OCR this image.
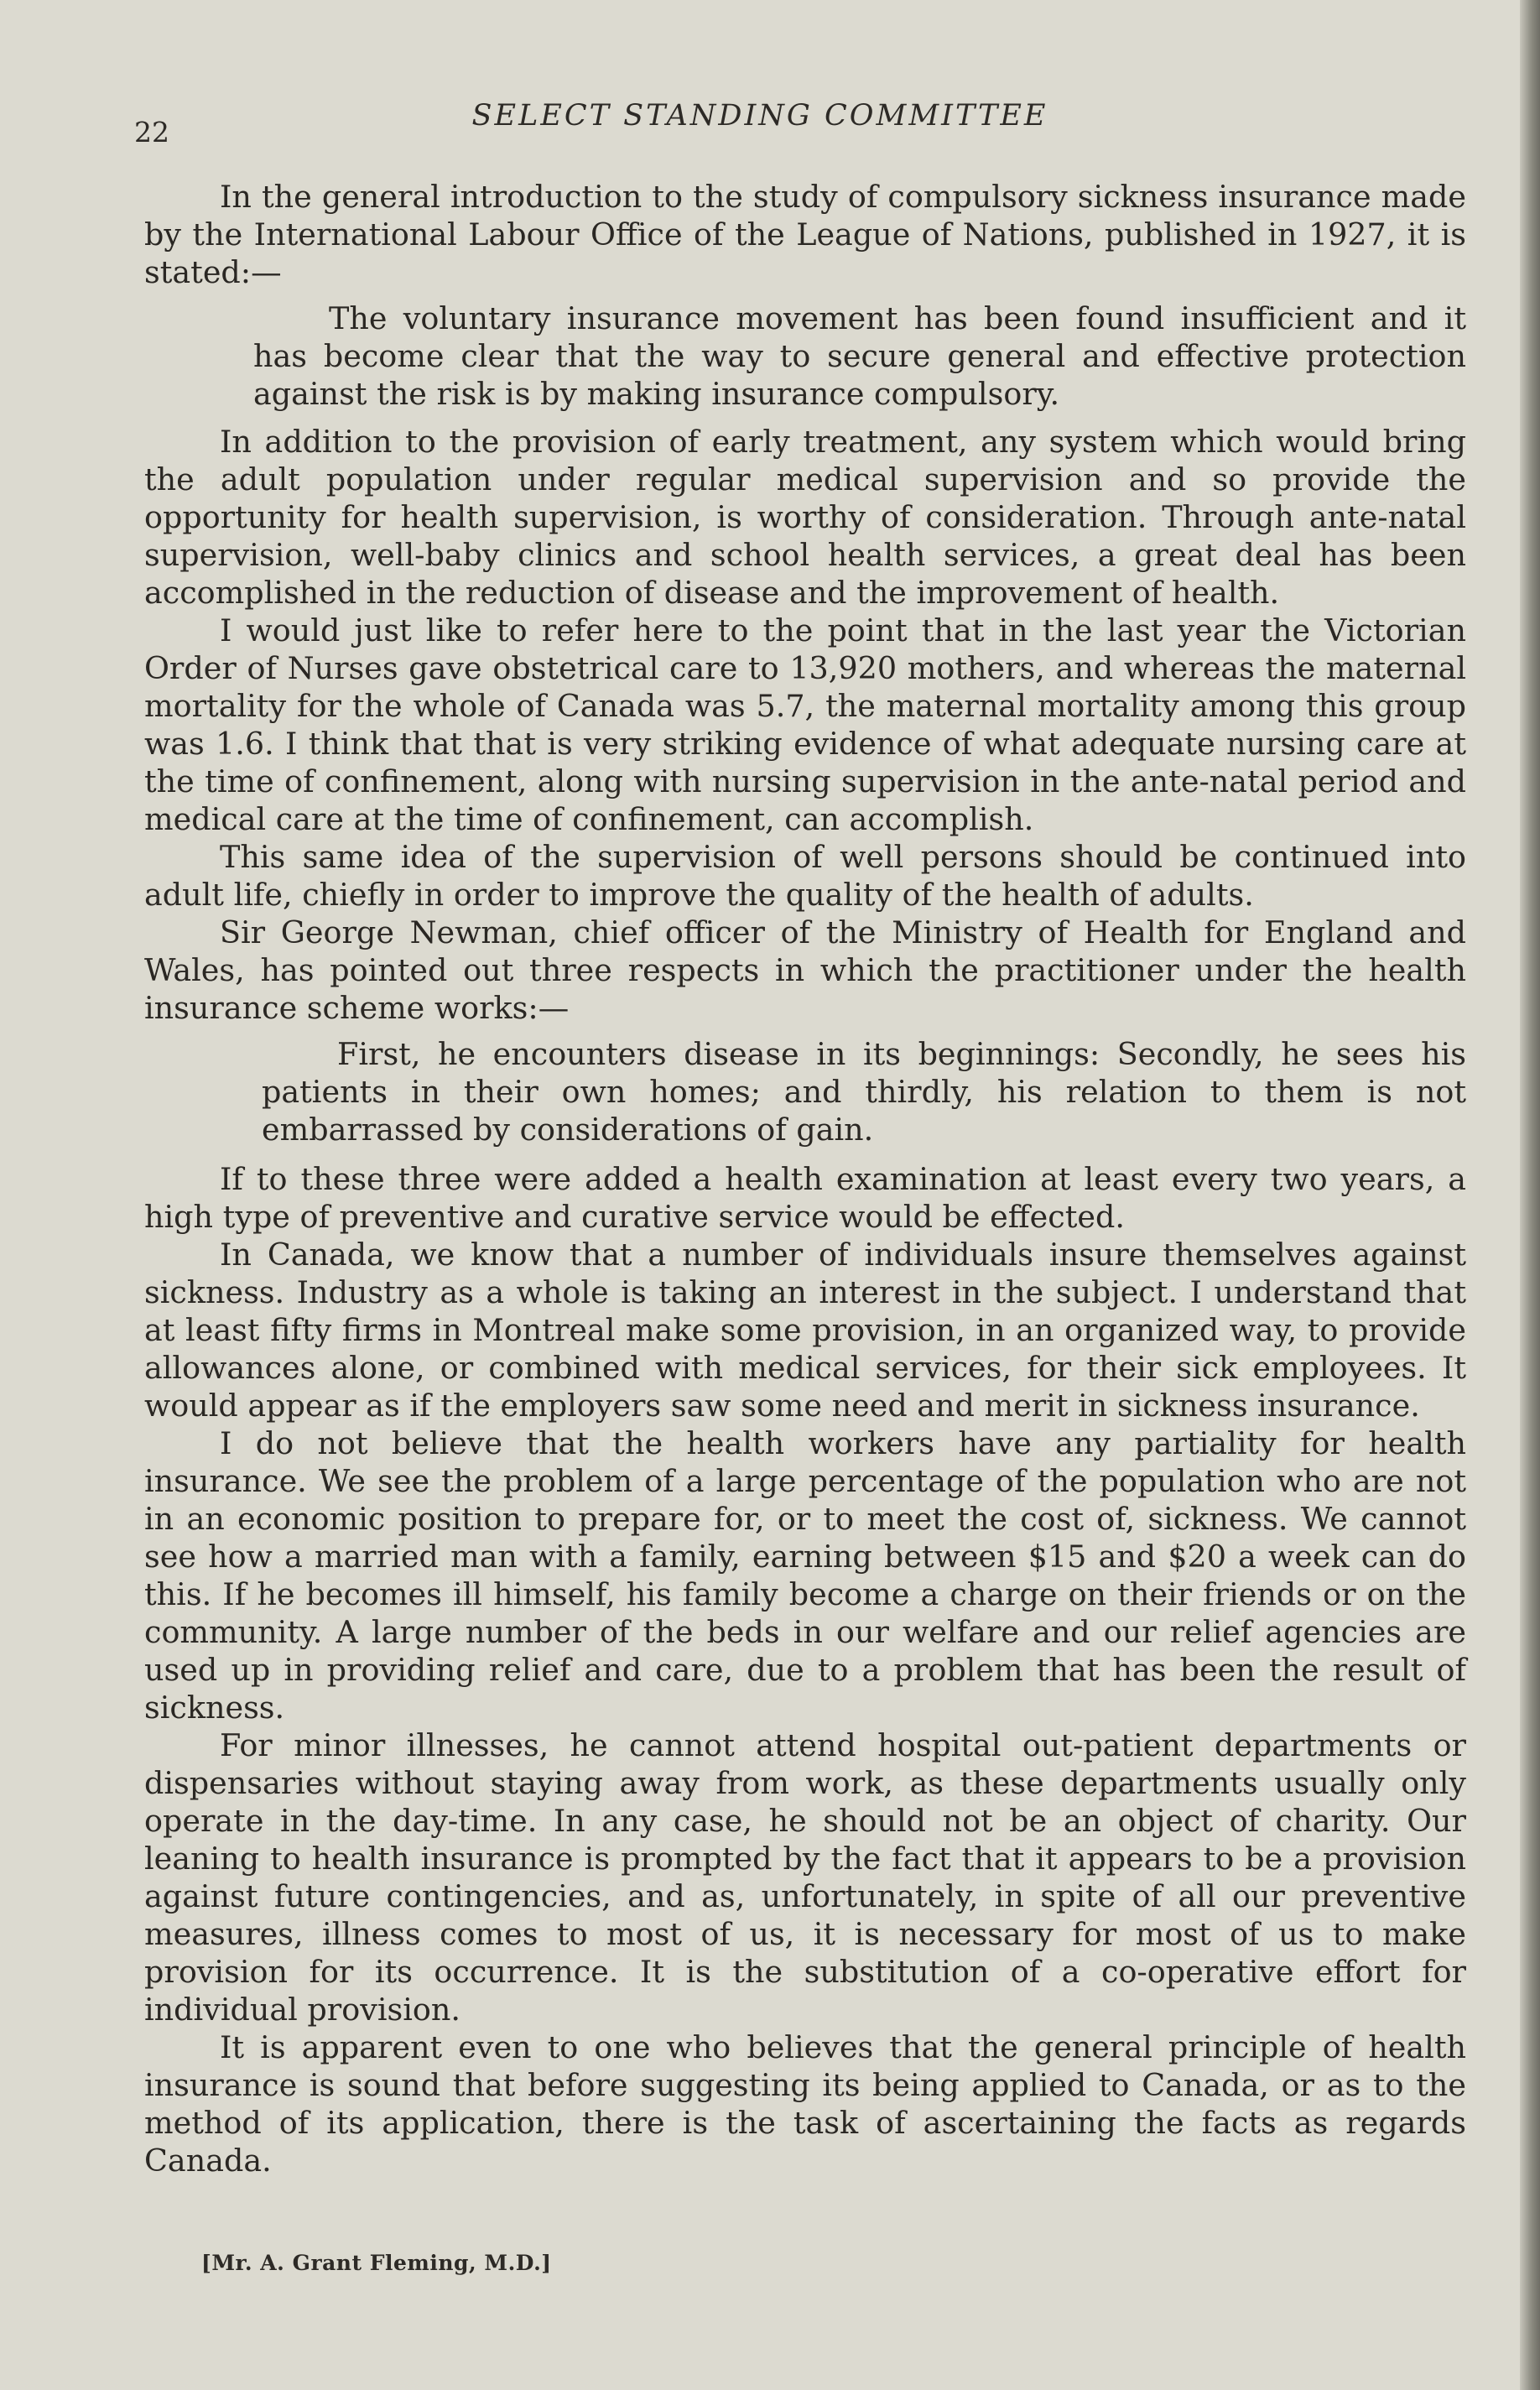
22	SELECT STANDING COMMITTEE

In the general introduction to the study of compulsory sickness insurance made by the International Labour Office of the League of Nations, published in 1927, it is stated:—

The voluntary insurance movement has been found insufficient and it has become clear that the way to secure general and effective protection against the risk is by making insurance compulsory.

In addition to the provision of early treatment, any system which would bring the adult population under regular medical supervision and so provide the opportunity for health supervision, is worthy of consideration. Through ante-natal supervision, well-baby clinics and school health services, a great deal has been accomplished in the reduction of disease and the improvement of health.

I would just like to refer here to the point that in the last year the Victorian Order of Nurses gave obstetrical care to 13,920 mothers, and whereas the maternal mortality for the whole of Canada was 5.7, the maternal mortality among this group was 1.6. I think that that is very striking evidence of what adequate nursing care at the time of confinement, along with nursing supervision in the ante-natal period and medical care at the time of confinement, can accomplish.

This same idea of the supervision of well persons should be continued into adult life, chiefly in order to improve the quality of the health of adults.

Sir George Newman, chief officer of the Ministry of Health for England and Wales, has pointed out three respects in which the practitioner under the health insurance scheme works:—

First, he encounters disease in its beginnings: Secondly, he sees his patients in their own homes; and thirdly, his relation to them is not embarrassed by considerations of gain.

If to these three were added a health examination at least every two years, a high type of preventive and curative service would be effected.

In Canada, we know that a number of individuals insure themselves against sickness. Industry as a whole is taking an interest in the subject. I understand that at least fifty firms in Montreal make some provision, in an organized way, to provide allowances alone, or combined with medical services, for their sick employees. It would appear as if the employers saw some need and merit in sickness insurance.

I do not believe that the health workers have any partiality for health insurance. We see the problem of a large percentage of the population who are not in an economic position to prepare for, or to meet the cost of, sickness. We cannot see how a married man with a family, earning between $15 and $20 a week can do this. If he becomes ill himself, his family become a charge on their friends or on the community. A large number of the beds in our welfare and our relief agencies are used up in providing relief and care, due to a problem that has been the result of sickness.

For minor illnesses, he cannot attend hospital out-patient departments or dispensaries without staying away from work, as these departments usually only operate in the day-time. In any case, he should not be an object of charity. Our leaning to health insurance is prompted by the fact that it appears to be a provision against future contingencies, and as, unfortunately, in spite of all our preventive measures, illness comes to most of us, it is necessary for most of us to make provision for its occurrence. It is the substitution of a co-operative effort for individual provision.

It is apparent even to one who believes that the general principle of health insurance is sound that before suggesting its being applied to Canada, or as to the method of its application, there is the task of ascertaining the facts as regards Canada.

[Mr. A. Grant Fleming, M.D.]
